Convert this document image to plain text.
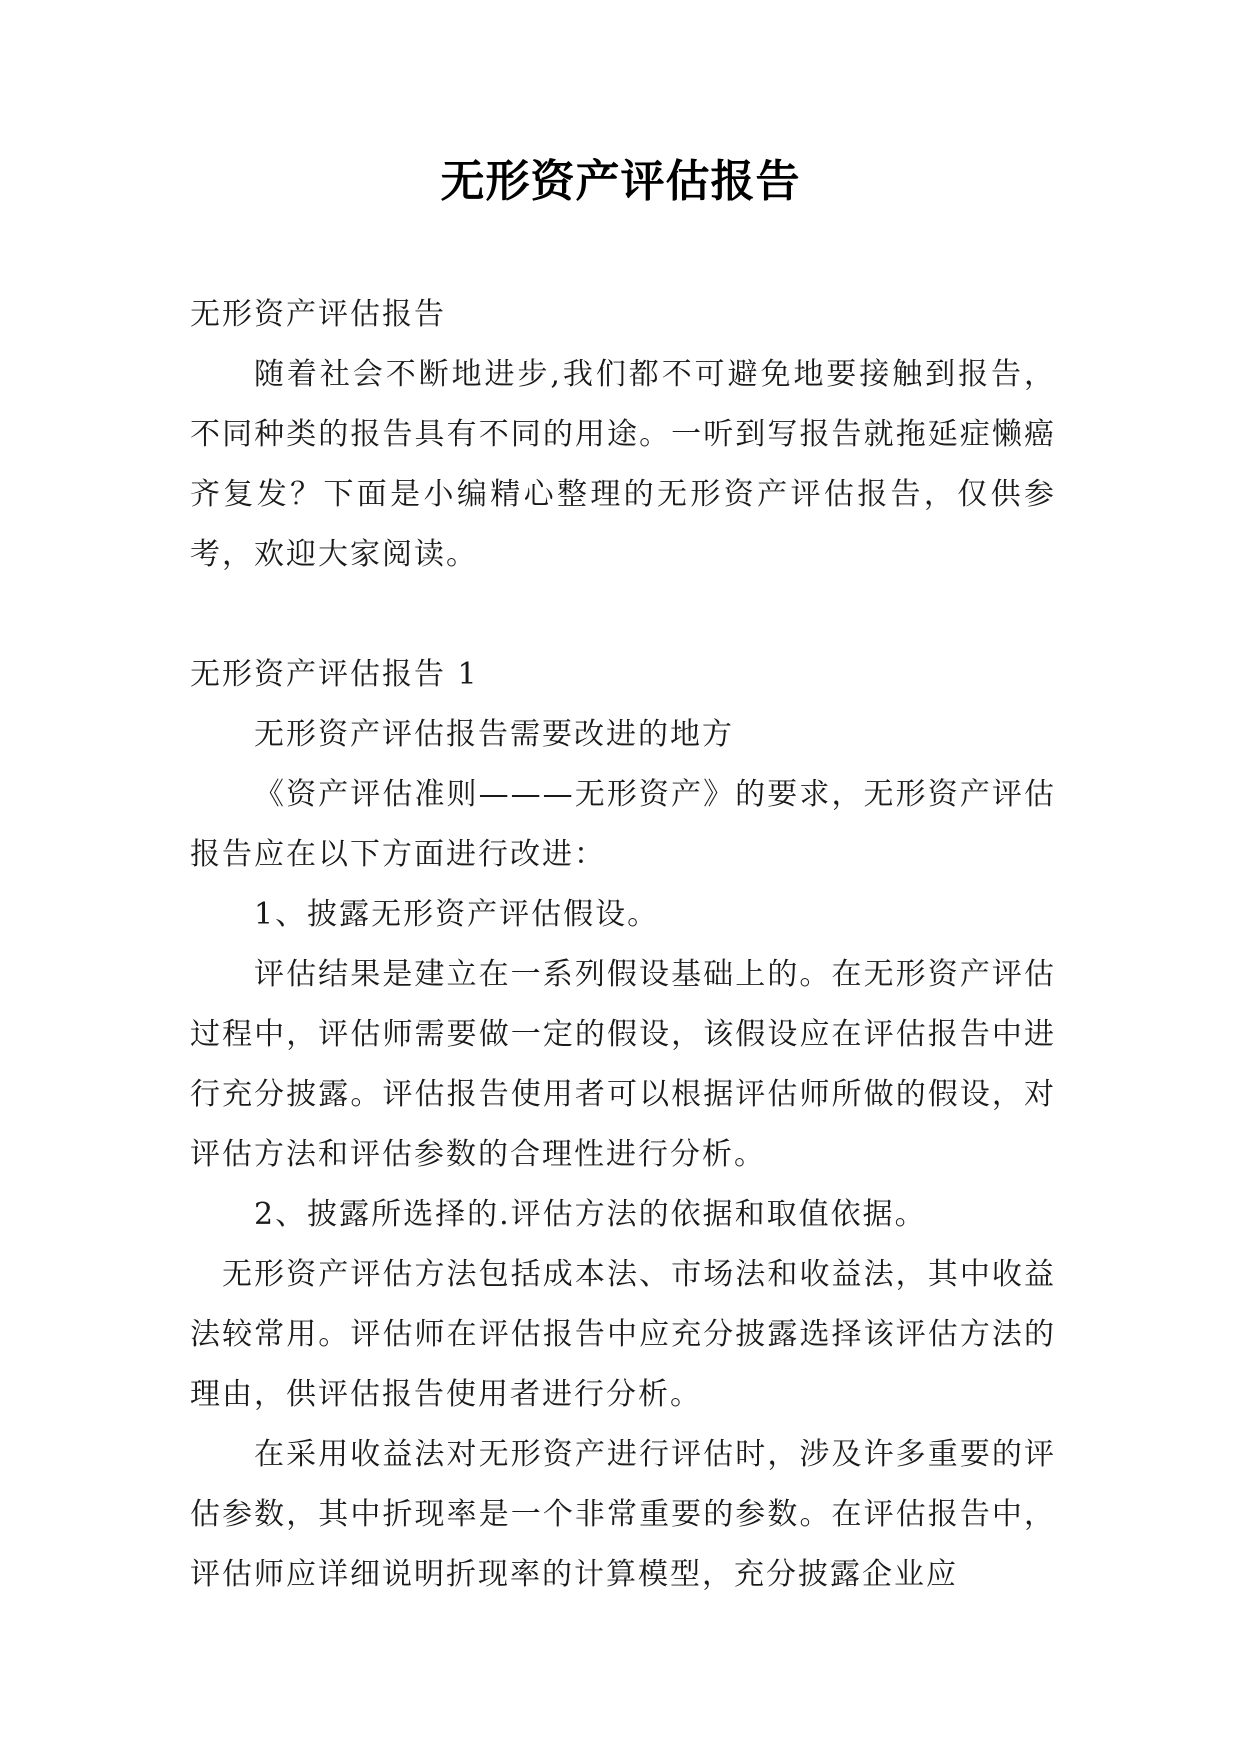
无形资产评估报告

无形资产评估报告

随着社会不断地进步,我们都不可避免地要接触到报告，不同种类的报告具有不同的用途。一听到写报告就拖延症懒癌齐复发？下面是小编精心整理的无形资产评估报告，仅供参考，欢迎大家阅读。

无形资产评估报告 1

无形资产评估报告需要改进的地方

《资产评估准则———无形资产》的要求，无形资产评估报告应在以下方面进行改进：

1、披露无形资产评估假设。

评估结果是建立在一系列假设基础上的。在无形资产评估过程中，评估师需要做一定的假设，该假设应在评估报告中进行充分披露。评估报告使用者可以根据评估师所做的假设，对评估方法和评估参数的合理性进行分析。

2、披露所选择的.评估方法的依据和取值依据。

无形资产评估方法包括成本法、市场法和收益法，其中收益法较常用。评估师在评估报告中应充分披露选择该评估方法的理由，供评估报告使用者进行分析。

在采用收益法对无形资产进行评估时，涉及许多重要的评估参数，其中折现率是一个非常重要的参数。在评估报告中，评估师应详细说明折现率的计算模型，充分披露企业应
